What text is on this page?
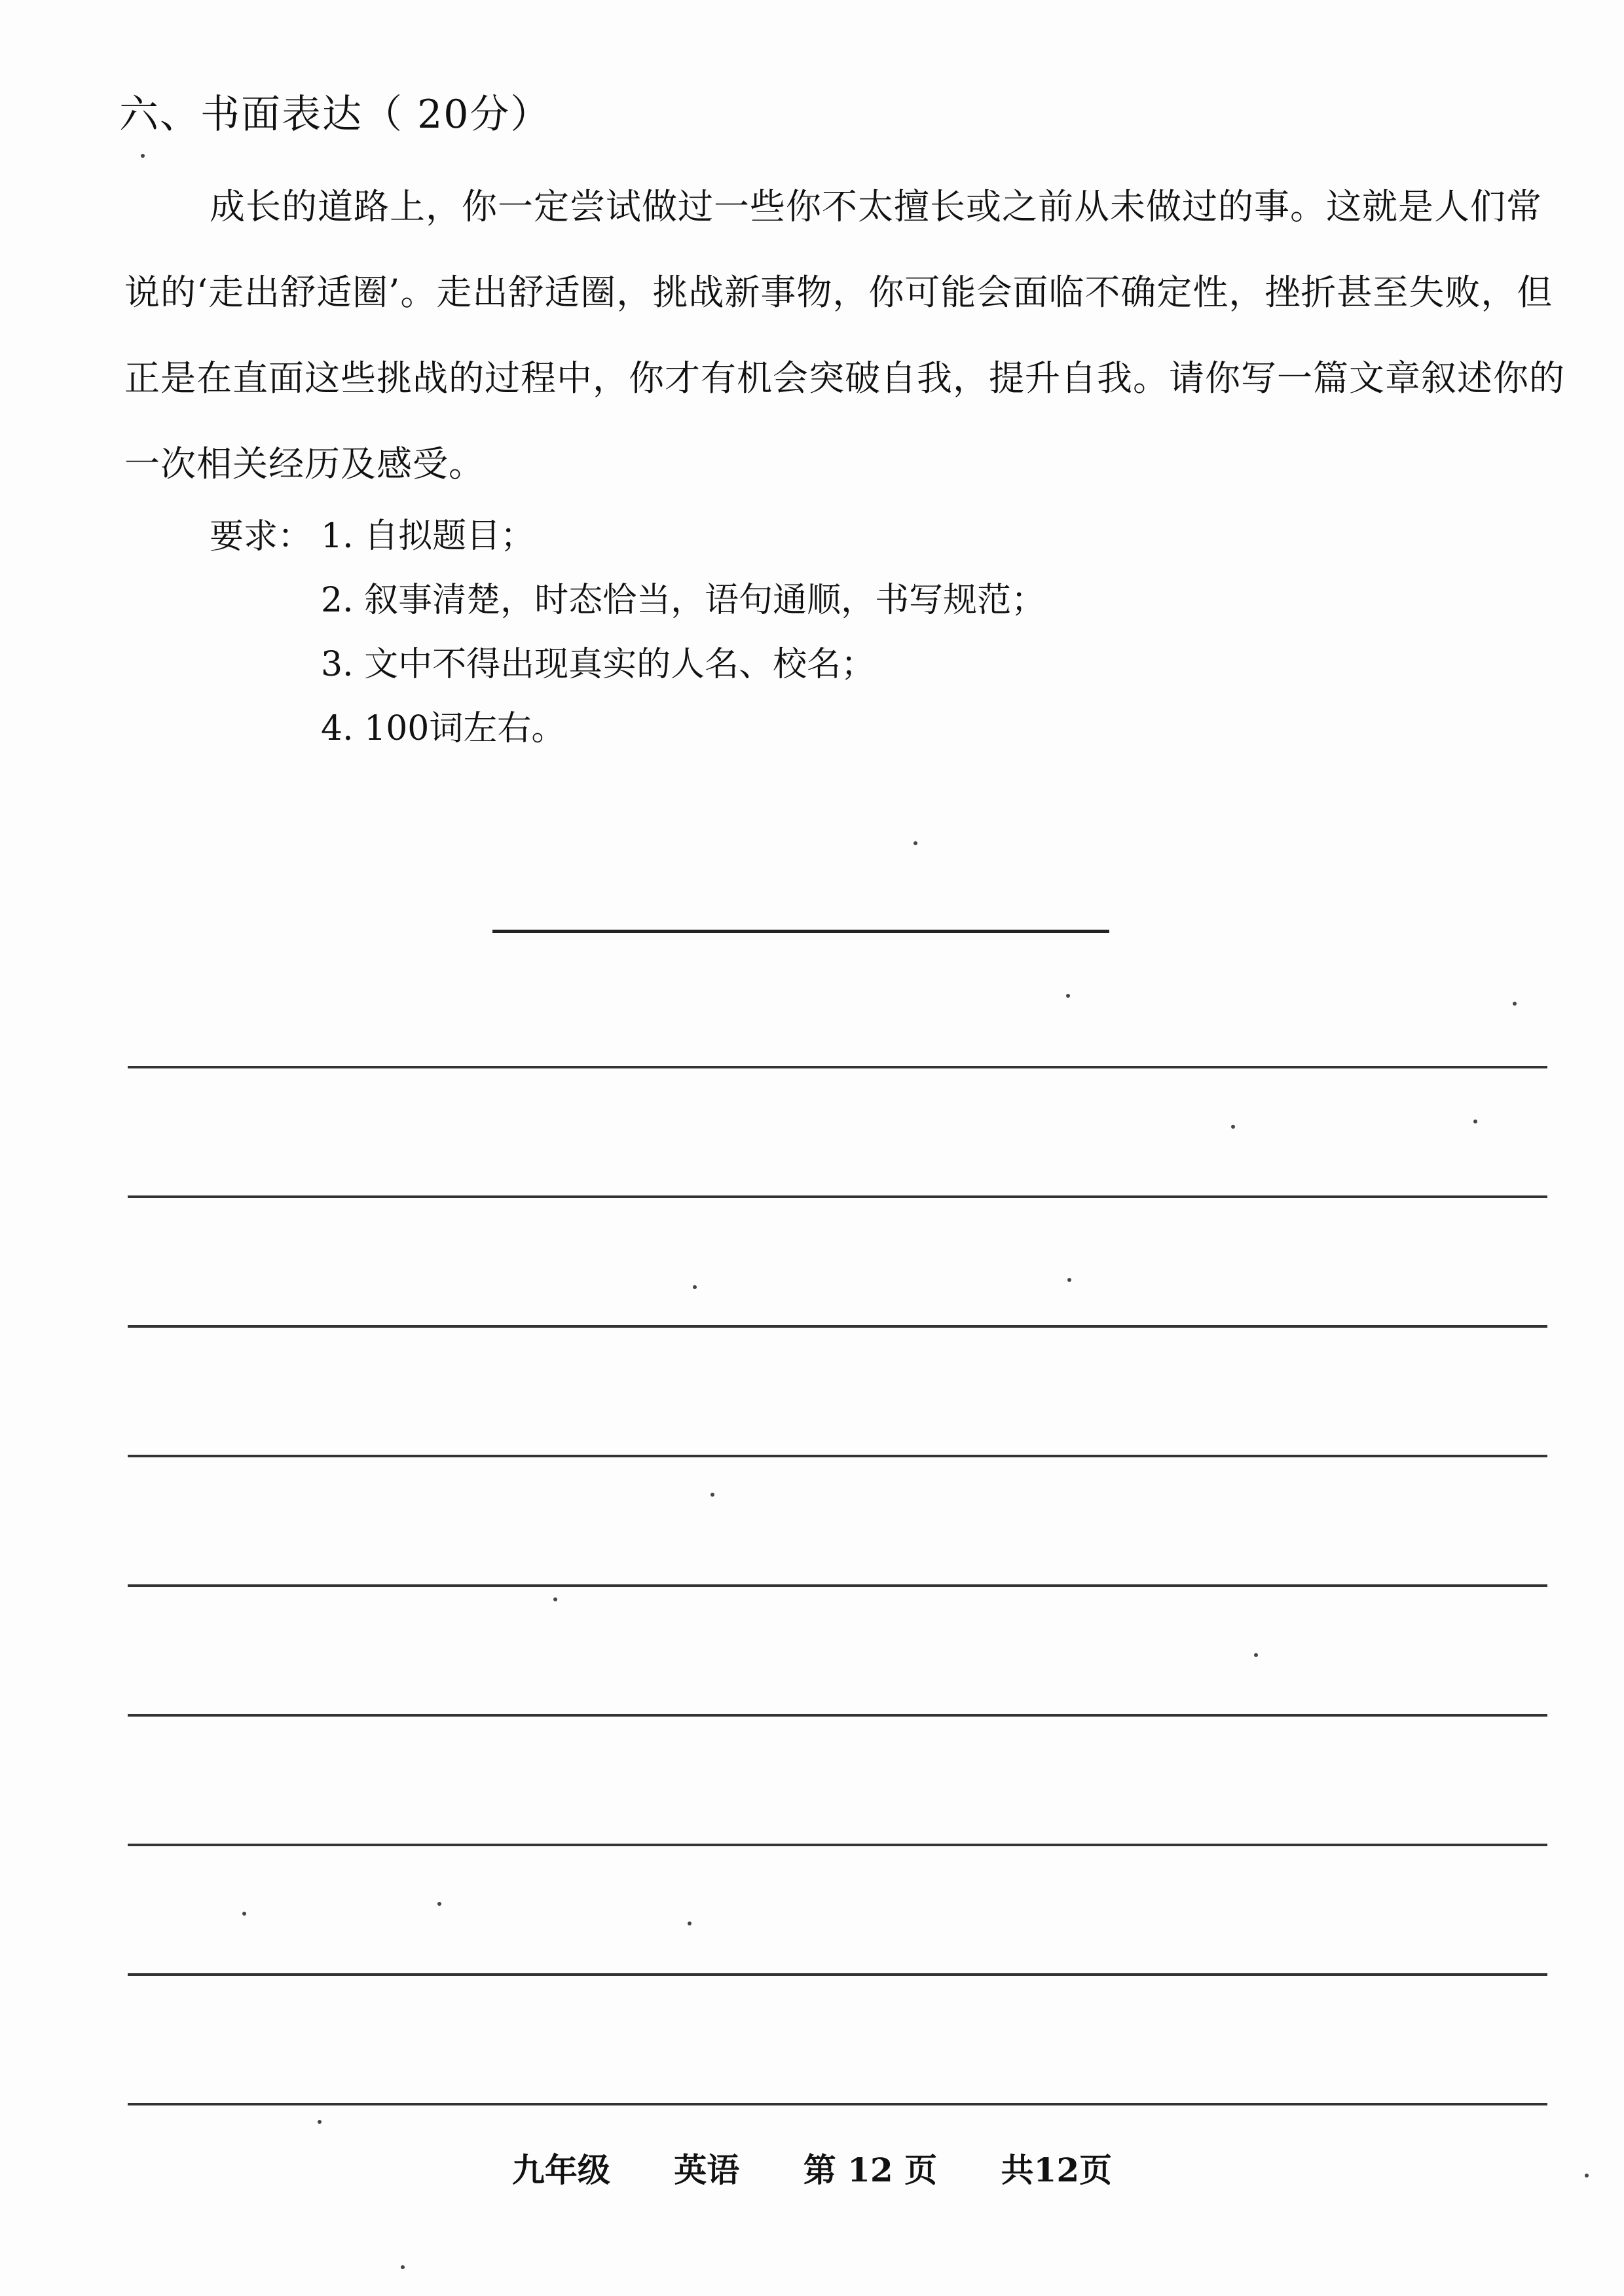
六、书面表达（ 20分）
成长的道路上，你一定尝试做过一些你不太擅长或之前从未做过的事。这就是人们常说的‘走出舒适圈’。走出舒适圈，挑战新事物，你可能会面临不确定性，挫折甚至失败，但正是在直面这些挑战的过程中，你才有机会突破自我，提升自我。请你写一篇文章叙述你的一次相关经历及感受。
要求： 1. 自拟题目；
2. 叙事清楚，时态恰当，语句通顺，书写规范；
3. 文中不得出现真实的人名、校名；
4. 100词左右。
九年级 英语 第 12 页 共12页
